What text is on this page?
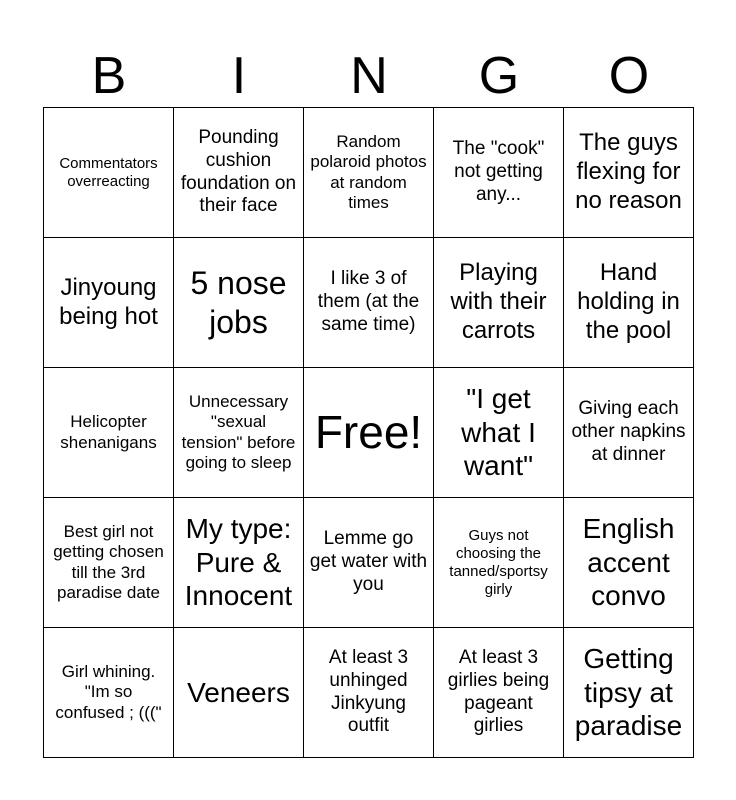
B	I	N	G	O
Commentators overreacting	Pounding cushion foundation on their face	Random polaroid photos at random times	The "cook" not getting any...	The guys flexing for no reason
Jinyoung being hot	5 nose jobs	I like 3 of them (at the same time)	Playing with their carrots	Hand holding in the pool
Helicopter shenanigans	Unnecessary "sexual tension" before going to sleep	Free!	"I get what I want"	Giving each other napkins at dinner
Best girl not getting chosen till the 3rd paradise date	My type: Pure & Innocent	Lemme go get water with you	Guys not choosing the tanned/sportsy girly	English accent convo
Girl whining. "Im so confused ; ((("	Veneers	At least 3 unhinged Jinkyung outfit	At least 3 girlies being pageant girlies	Getting tipsy at paradise
